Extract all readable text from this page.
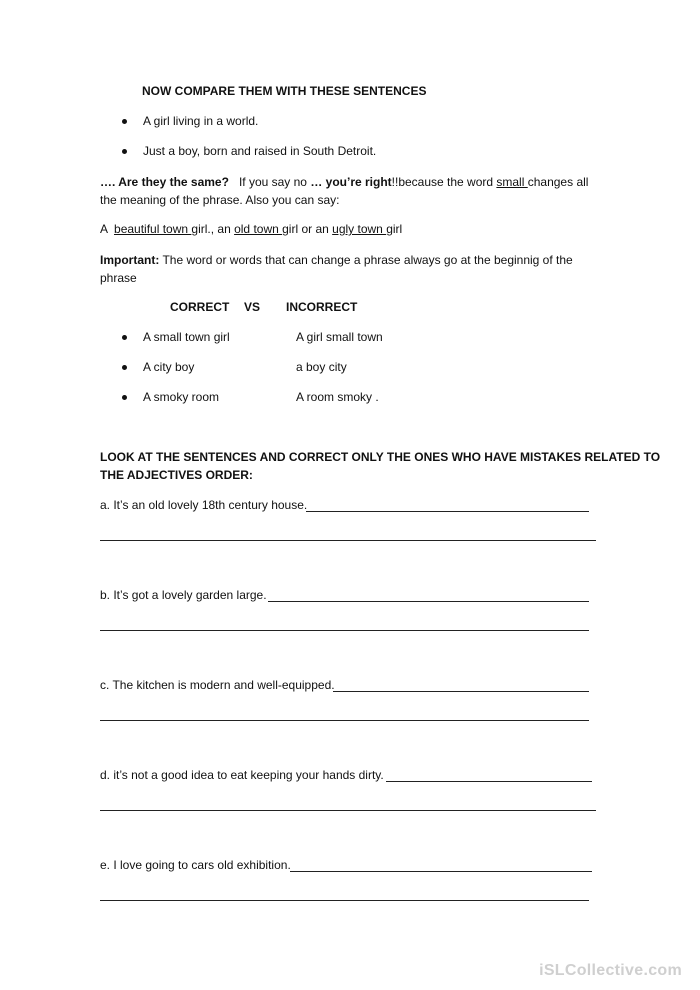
NOW COMPARE THEM WITH THESE SENTENCES
A girl living in a world.
Just a boy, born and raised in South Detroit.
…. Are they the same?   If you say no … you’re right!!because the word small changes all the meaning of the phrase. Also you can say:
A  beautiful town girl., an old town girl or an ugly town girl
Important: The word or words that can change a phrase always go at the beginnig of the phrase
CORRECT VS INCORRECT
A small town girl	A girl small town
A city boy	a boy city
A smoky room	A room smoky .
LOOK AT THE SENTENCES AND CORRECT ONLY THE ONES WHO HAVE MISTAKES RELATED TO
THE ADJECTIVES ORDER:
a. It’s an old lovely 18th century house.
b. It’s got a lovely garden large.
c. The kitchen is modern and well-equipped.
d. it’s not a good idea to eat keeping your hands dirty.
e. I love going to cars old exhibition.
iSLCollective.com
